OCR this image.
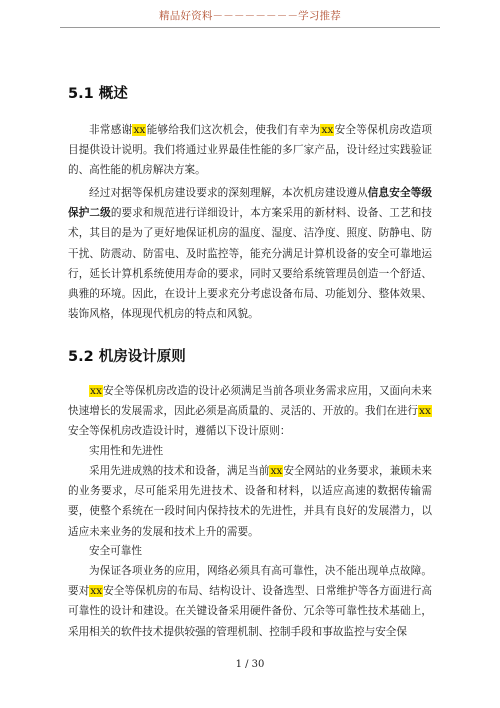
精品好资料－－－－－－－－学习推荐
5.1 概述

非常感谢xx能够给我们这次机会，使我们有幸为xx安全等保机房改造项目提供设计说明。我们将通过业界最佳性能的多厂家产品，设计经过实践验证的、高性能的机房解决方案。

经过对据等保机房建设要求的深刻理解，本次机房建设遵从信息安全等级保护二级的要求和规范进行详细设计，本方案采用的新材料、设备、工艺和技术，其目的是为了更好地保证机房的温度、湿度、洁净度、照度、防静电、防干扰、防震动、防雷电、及时监控等，能充分满足计算机设备的安全可靠地运行，延长计算机系统使用寿命的要求，同时又要给系统管理员创造一个舒适、典雅的环境。因此，在设计上要求充分考虑设备布局、功能划分、整体效果、装饰风格，体现现代机房的特点和风貌。

5.2 机房设计原则

xx安全等保机房改造的设计必须满足当前各项业务需求应用，又面向未来快速增长的发展需求，因此必须是高质量的、灵活的、开放的。我们在进行xx安全等保机房改造设计时，遵循以下设计原则：

实用性和先进性

采用先进成熟的技术和设备，满足当前xx安全网站的业务要求，兼顾未来的业务要求，尽可能采用先进技术、设备和材料，以适应高速的数据传输需要，使整个系统在一段时间内保持技术的先进性，并具有良好的发展潜力，以适应未来业务的发展和技术上升的需要。

安全可靠性

为保证各项业务的应用，网络必须具有高可靠性，决不能出现单点故障。要对xx安全等保机房的布局、结构设计、设备选型、日常维护等各方面进行高可靠性的设计和建设。在关键设备采用硬件备份、冗余等可靠性技术基础上，采用相关的软件技术提供较强的管理机制、控制手段和事故监控与安全保

1 / 30
